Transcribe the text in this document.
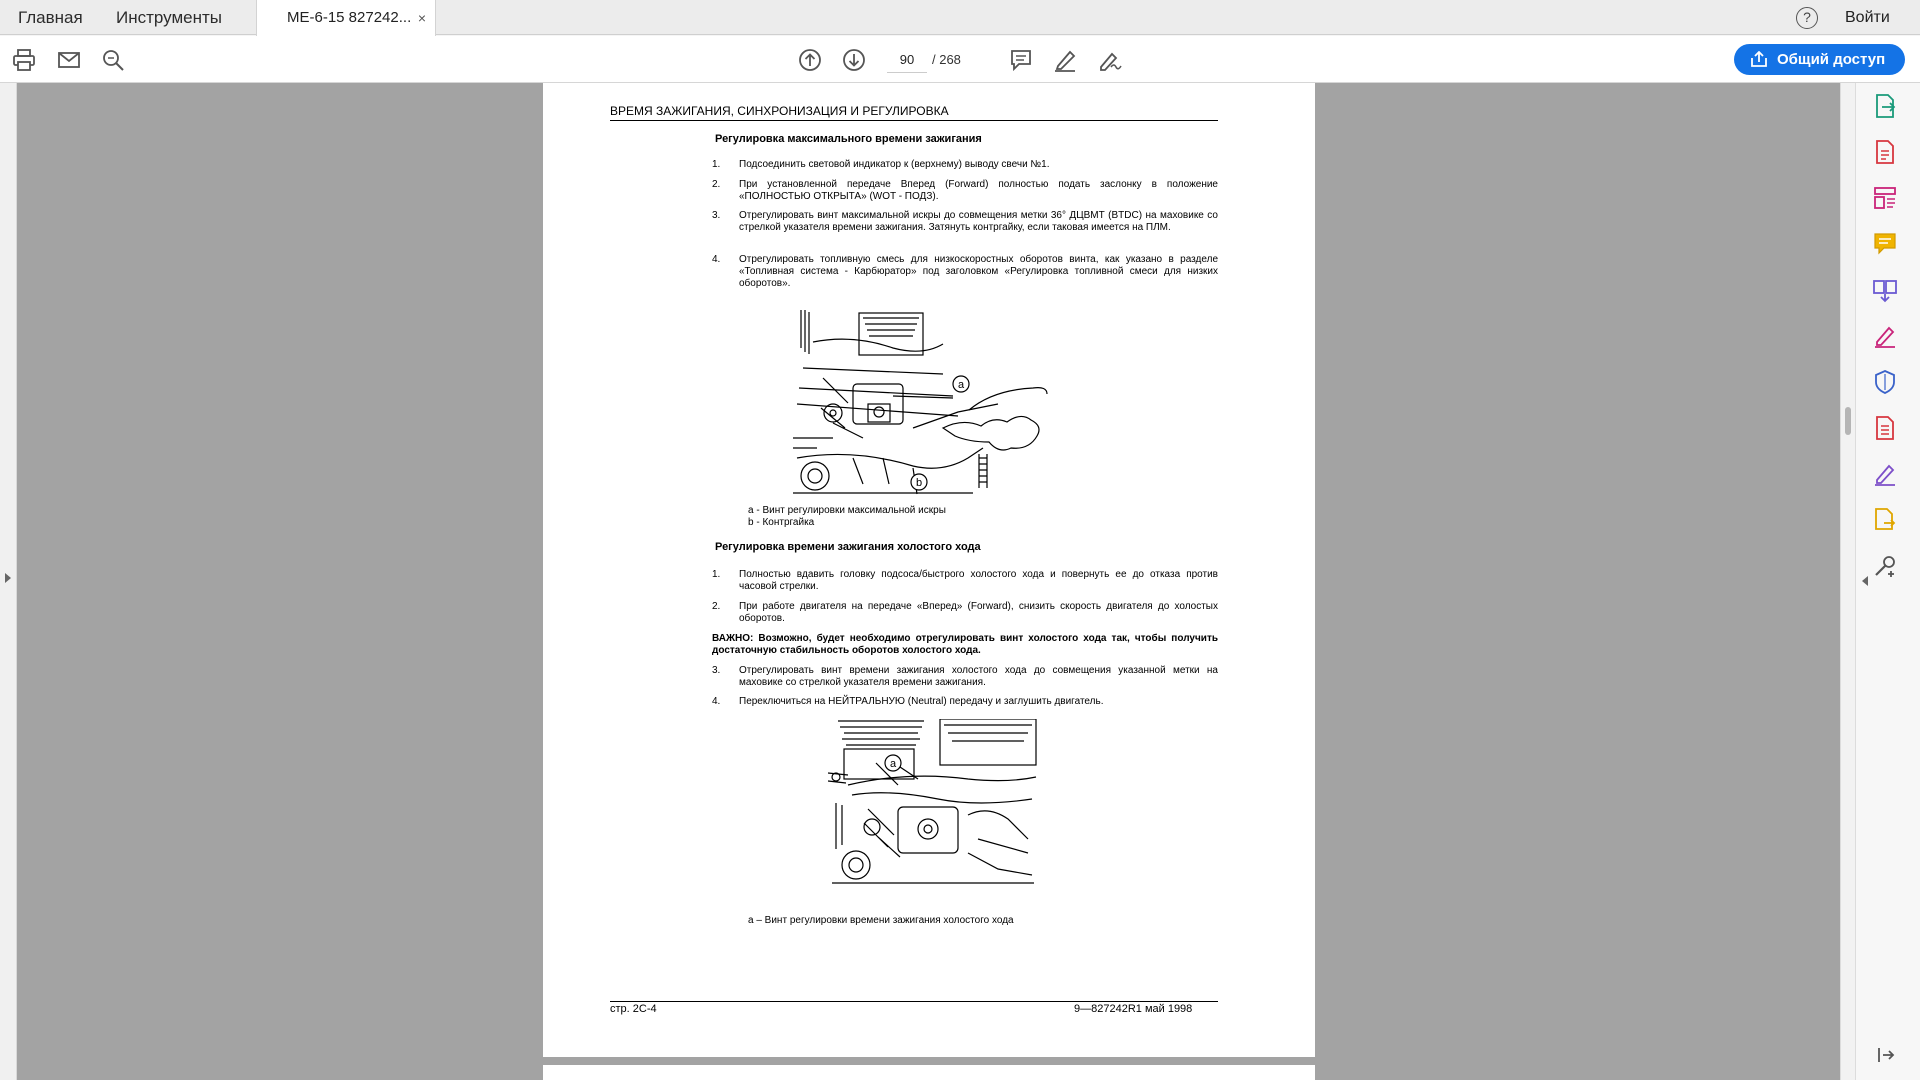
Главная Инструменты	ME-6-15 827242... ×	?	Войти
90
/ 268	Общий доступ
ВРЕМЯ ЗАЖИГАНИЯ, СИНХРОНИЗАЦИЯ И РЕГУЛИРОВКА
Регулировка максимального времени зажигания
1. Подсоединить световой индикатор к (верхнему) выводу свечи №1.
2. При установленной передаче Вперед (Forward) полностью подать заслонку в положение «ПОЛНОСТЬЮ ОТКРЫТА» (WOT - ПОДЗ).
3. Отрегулировать винт максимальной искры до совмещения метки 36° ДЦВМТ (BTDC) на маховике со стрелкой указателя времени зажигания. Затянуть контргайку, если таковая имеется на ПЛМ.
4. Отрегулировать топливную смесь для низкоскоростных оборотов винта, как указано в разделе «Топливная система - Карбюратор» под заголовком «Регулировка топливной смеси для низких оборотов».
a
b
a - Винт регулировки максимальной искры
b - Контргайка
Регулировка времени зажигания холостого хода
1. Полностью вдавить головку подсоса/быстрого холостого хода и повернуть ее до отказа против часовой стрелки.
2. При работе двигателя на передаче «Вперед» (Forward), снизить скорость двигателя до холостых оборотов.
ВАЖНО: Возможно, будет необходимо отрегулировать винт холостого хода так, чтобы получить достаточную стабильность оборотов холостого хода.
3. Отрегулировать винт времени зажигания холостого хода до совмещения указанной метки на маховике со стрелкой указателя времени зажигания.
4. Переключиться на НЕЙТРАЛЬНУЮ (Neutral) передачу и заглушить двигатель.
a
a – Винт регулировки времени зажигания холостого хода
стр. 2С-4	9—827242R1 май 1998
